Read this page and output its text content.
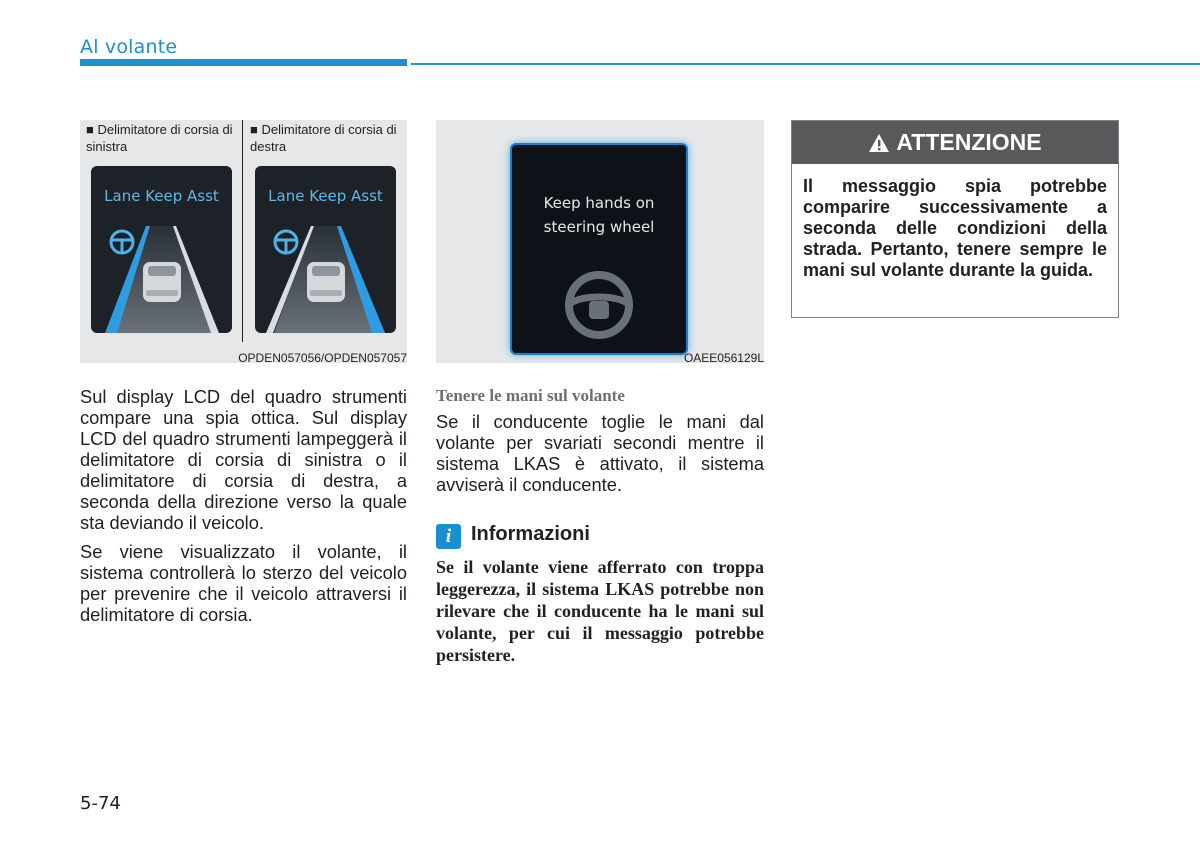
Al volante
■ Delimitatore di corsia di sinistra
■ Delimitatore di corsia di destra
Lane Keep Asst	Lane Keep Asst
OPDEN057056/OPDEN057057
Keep hands on
steering wheel
OAEE056129L

Sul display LCD del quadro strumenti compare una spia ottica. Sul display LCD del quadro strumenti lampeggerà il delimitatore di corsia di sinistra o il delimitatore di corsia di destra, a seconda della direzione verso la quale sta deviando il veicolo.

Se viene visualizzato il volante, il sistema controllerà lo sterzo del veicolo per prevenire che il veicolo attraversi il delimitatore di corsia.

Tenere le mani sul volante

Se il conducente toglie le mani dal volante per svariati secondi mentre il sistema LKAS è attivato, il sistema avviserà il conducente.

i Informazioni

Se il volante viene afferrato con troppa leggerezza, il sistema LKAS potrebbe non rilevare che il conducente ha le mani sul volante, per cui il messaggio potrebbe persistere.

ATTENZIONE

Il messaggio spia potrebbe comparire successivamente a seconda delle condizioni della strada. Pertanto, tenere sempre le mani sul volante durante la guida.

5-74
